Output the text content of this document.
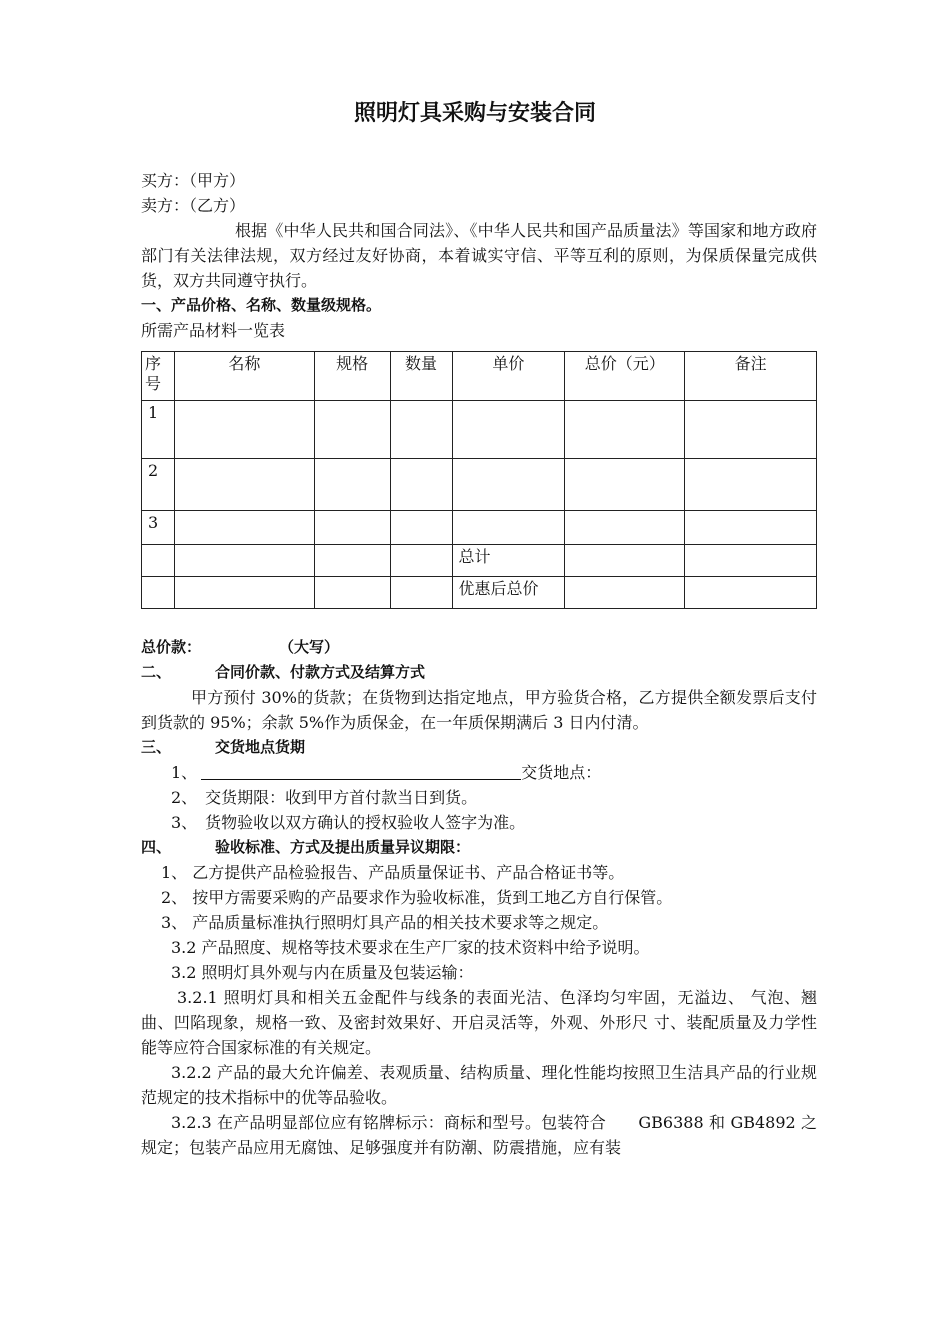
照明灯具采购与安装合同
买方：（甲方）
卖方：（乙方）
根据《中华人民共和国合同法》、《中华人民共和国产品质量法》等国家和地方政府部门有关法律法规，双方经过友好协商，本着诚实守信、平等互利的原则，为保质保量完成供货，双方共同遵守执行。
一、产品价格、名称、数量级规格。
所需产品材料一览表
序号	名称	规格	数量	单价	总价（元）	备注
1						
2						
3						
				总计		
				优惠后总价		
总价款：	（大写）
二、	合同价款、付款方式及结算方式
甲方预付 30%的货款；在货物到达指定地点，甲方验货合格，乙方提供全额发票后支付到货款的 95%；余款 5%作为质保金，在一年质保期满后 3 日内付清。
三、	交货地点货期
1、	交货地点：
2、　交货期限：收到甲方首付款当日到货。
3、　货物验收以双方确认的授权验收人签字为准。
四、	验收标准、方式及提出质量异议期限：
1、 乙方提供产品检验报告、产品质量保证书、产品合格证书等。
2、 按甲方需要采购的产品要求作为验收标准，货到工地乙方自行保管。
3、 产品质量标准执行照明灯具产品的相关技术要求等之规定。
3.2 产品照度、规格等技术要求在生产厂家的技术资料中给予说明。
3.2 照明灯具外观与内在质量及包装运输：
3.2.1 照明灯具和相关五金配件与线条的表面光洁、色泽均匀牢固，无溢边、 气泡、翘曲、凹陷现象，规格一致、及密封效果好、开启灵活等，外观、外形尺 寸、装配质量及力学性能等应符合国家标准的有关规定。
3.2.2 产品的最大允许偏差、表观质量、结构质量、理化性能均按照卫生洁具产品的行业规范规定的技术指标中的优等品验收。
3.2.3 在产品明显部位应有铭牌标示：商标和型号。包装符合　　GB6388 和 GB4892 之规定；包装产品应用无腐蚀、足够强度并有防潮、防震措施，应有装
